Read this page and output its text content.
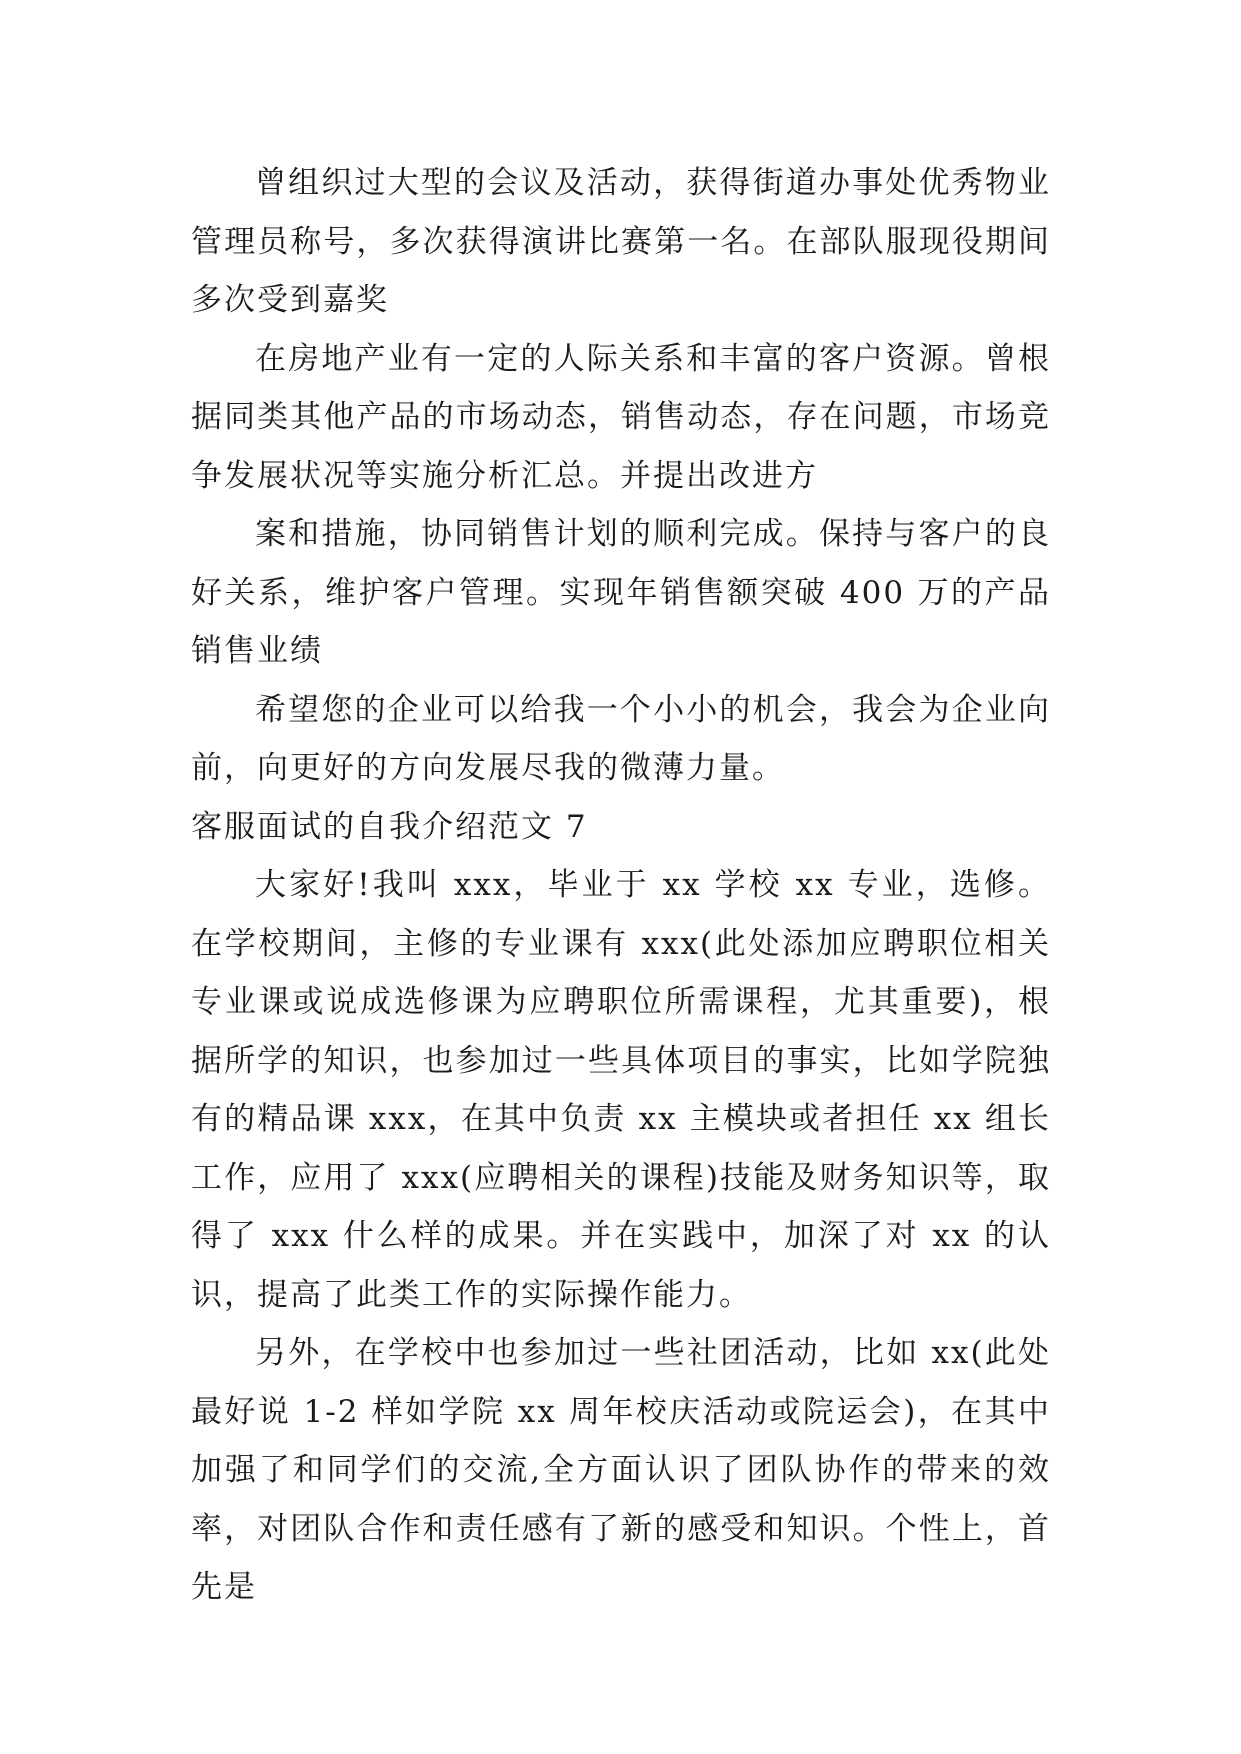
曾组织过大型的会议及活动，获得街道办事处优秀物业管理员称号，多次获得演讲比赛第一名。在部队服现役期间多次受到嘉奖

在房地产业有一定的人际关系和丰富的客户资源。曾根据同类其他产品的市场动态，销售动态，存在问题，市场竞争发展状况等实施分析汇总。并提出改进方

案和措施，协同销售计划的顺利完成。保持与客户的良好关系，维护客户管理。实现年销售额突破 400 万的产品销售业绩

希望您的企业可以给我一个小小的机会，我会为企业向前，向更好的方向发展尽我的微薄力量。

客服面试的自我介绍范文 7

大家好!我叫 xxx，毕业于 xx 学校 xx 专业，选修。在学校期间，主修的专业课有 xxx(此处添加应聘职位相关专业课或说成选修课为应聘职位所需课程，尤其重要)，根据所学的知识，也参加过一些具体项目的事实，比如学院独有的精品课 xxx，在其中负责 xx 主模块或者担任 xx 组长工作，应用了 xxx(应聘相关的课程)技能及财务知识等，取得了 xxx 什么样的成果。并在实践中，加深了对 xx 的认识，提高了此类工作的实际操作能力。

另外，在学校中也参加过一些社团活动，比如 xx(此处最好说 1-2 样如学院 xx 周年校庆活动或院运会)，在其中加强了和同学们的交流,全方面认识了团队协作的带来的效率，对团队合作和责任感有了新的感受和知识。个性上，首先是
